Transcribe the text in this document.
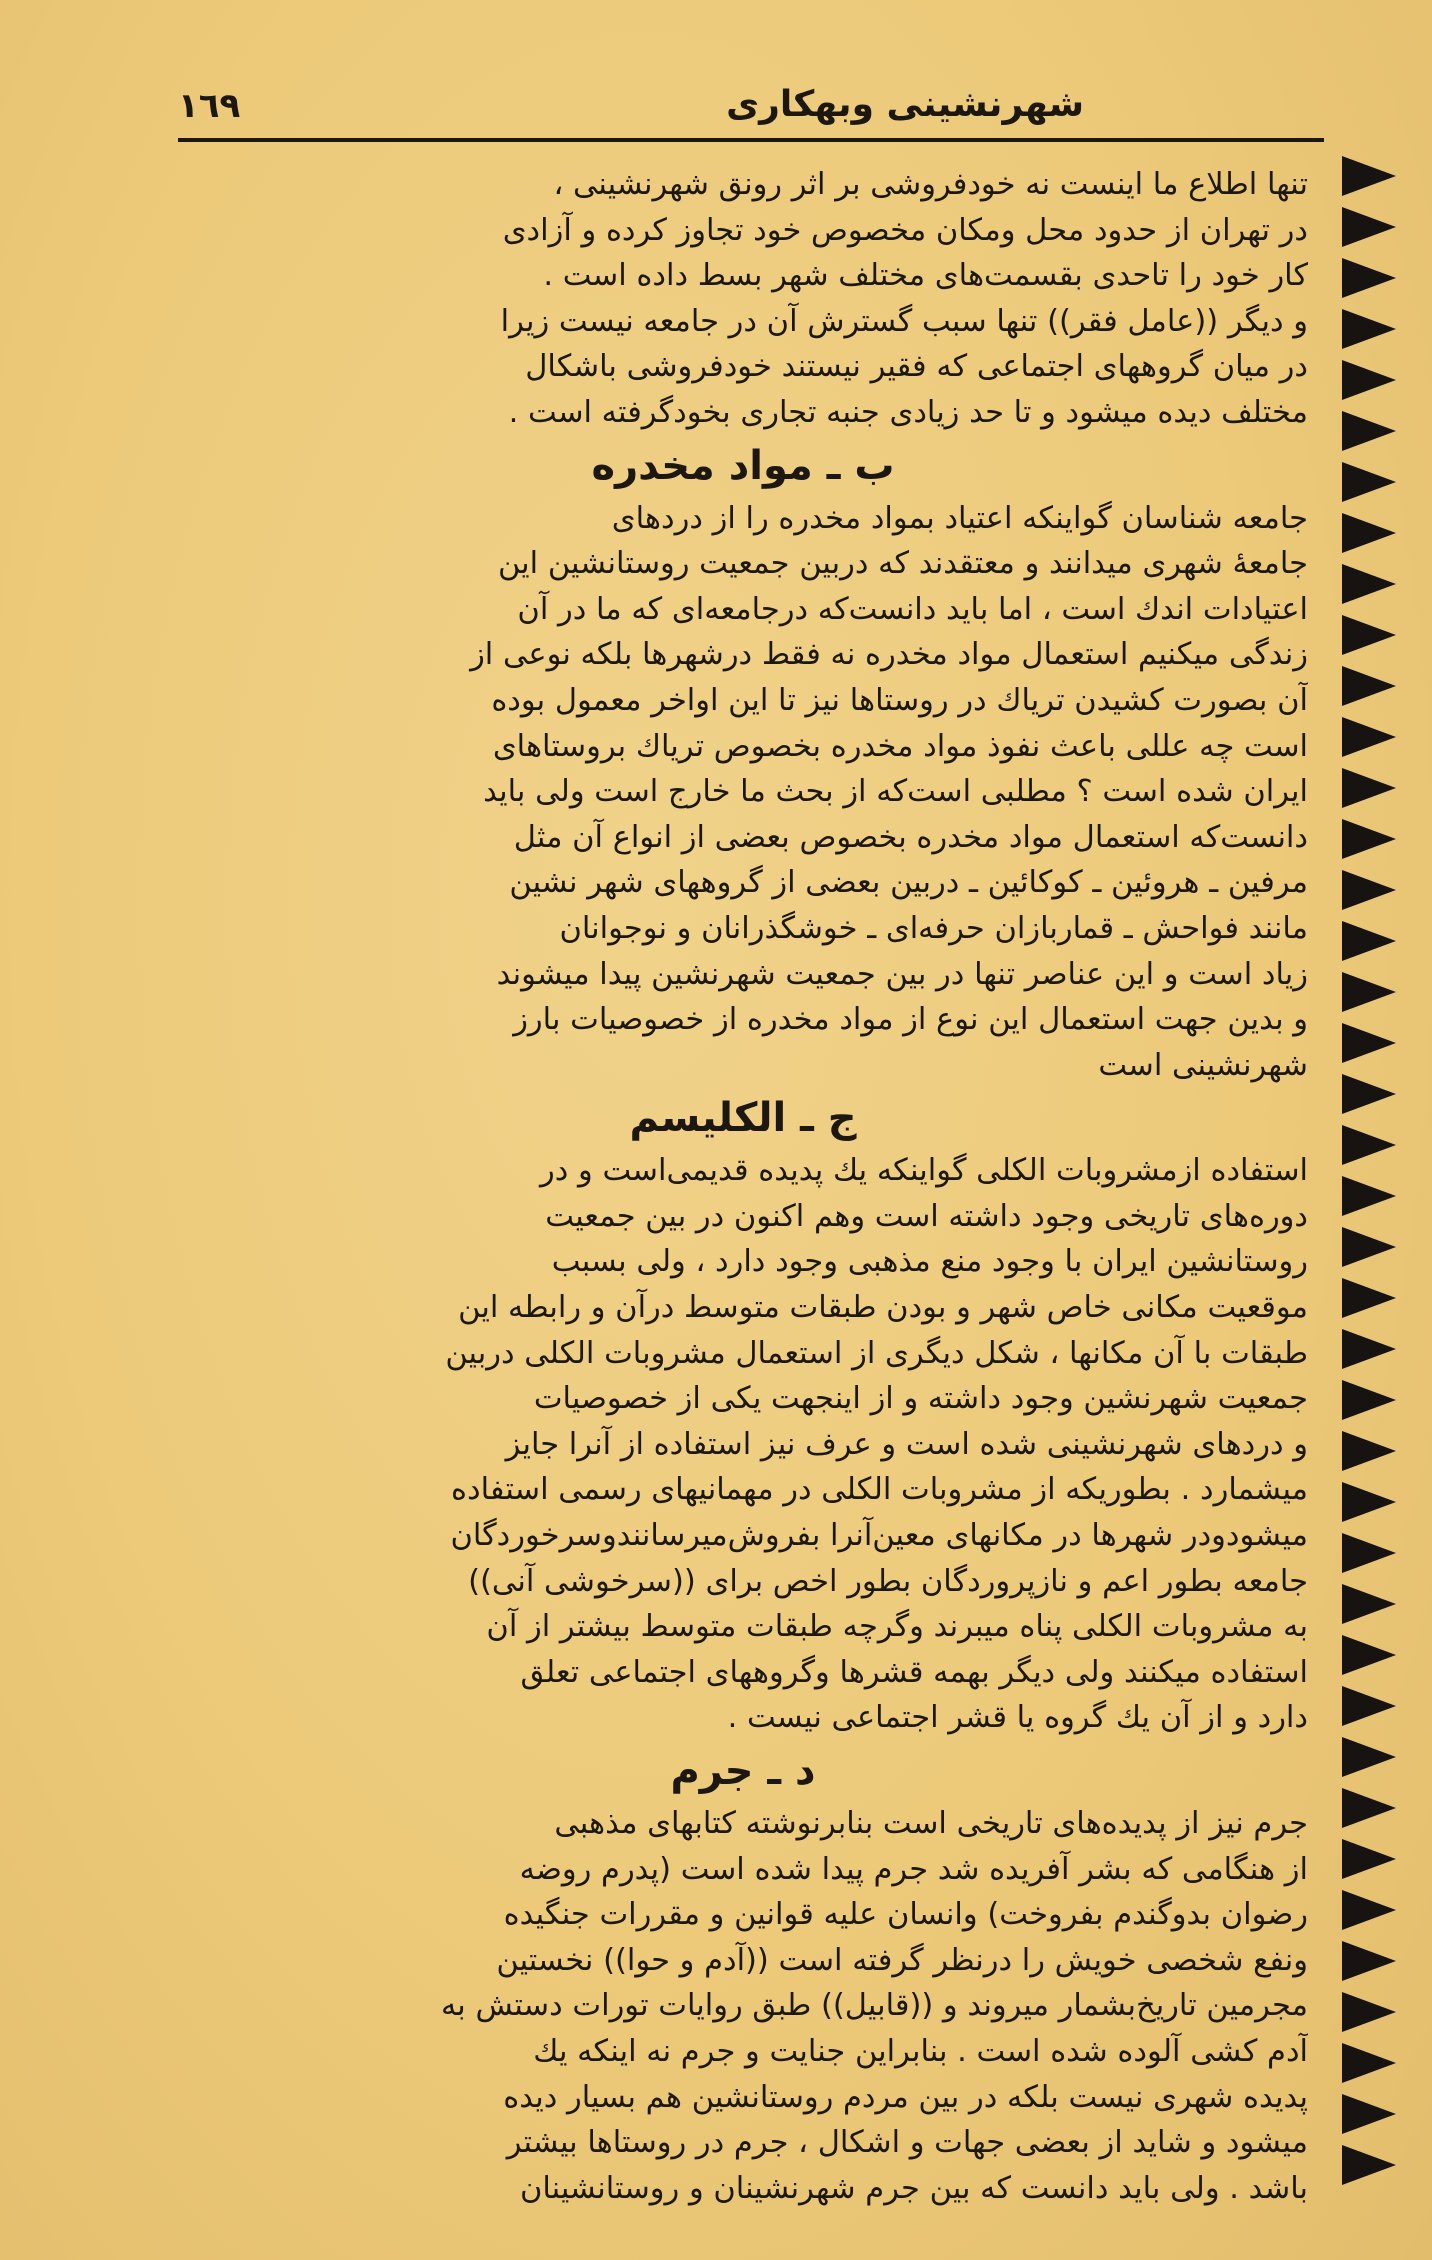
شهرنشینی وبهکاری
١٦٩

تنها اطلاع ما اینست نه خودفروشی بر اثر رونق شهرنشینی ،

در تهران از حدود محل ومکان مخصوص خود تجاوز کرده و آزادی

کار خود را تاحدی بقسمت‌های مختلف شهر بسط داده است .

و دیگر ((عامل فقر)) تنها سبب گسترش آن در جامعه نیست زیرا

در میان گروههای اجتماعی که فقیر نیستند خودفروشی باشکال

مختلف دیده میشود و تا حد زیادی جنبه تجاری بخودگرفته است .

ب ـ مواد مخدره

جامعه شناسان گواینکه اعتیاد بمواد مخدره را از دردهای

جامعهٔ شهری میدانند و معتقدند که دربین جمعیت روستانشین این

اعتیادات اندك است ، اما باید دانست‌که درجامعه‌ای که ما در آن

زندگی میکنیم استعمال مواد مخدره نه فقط درشهرها بلکه نوعی از

آن بصورت کشیدن تریاك در روستاها نیز تا این اواخر معمول بوده

است چه عللی باعث نفوذ مواد مخدره بخصوص تریاك بروستاهای

ایران شده است ؟ مطلبی است‌که از بحث ما خارج است ولی باید

دانست‌که استعمال مواد مخدره بخصوص بعضی از انواع آن مثل

مرفین ـ هروئین ـ کوکائین ـ دربین بعضی از گروههای شهر نشین

مانند فواحش ـ قماربازان حرفه‌ای ـ خوشگذرانان و نوجوانان

زیاد است و این عناصر تنها در بین جمعیت شهرنشین پیدا میشوند

و بدین جهت استعمال این نوع از مواد مخدره از خصوصیات بارز

شهرنشینی است

ج ـ الکلیسم

استفاده ازمشروبات الکلی گواینکه یك پدیده قدیمی‌است و در

دوره‌های تاریخی وجود داشته است وهم اکنون در بین جمعیت

روستانشین ایران با وجود منع مذهبی وجود دارد ، ولی بسبب

موقعیت مکانی خاص شهر و بودن طبقات متوسط درآن و رابطه این

طبقات با آن مکانها ، شکل دیگری از استعمال مشروبات الکلی دربین

جمعیت شهرنشین وجود داشته و از اینجهت یکی از خصوصیات

و دردهای شهرنشینی شده است و عرف نیز استفاده از آنرا جایز

میشمارد . بطوریکه از مشروبات الکلی در مهمانیهای رسمی استفاده

میشودودر شهرها در مکانهای معین‌آنرا بفروش‌میرسانندوسرخوردگان

جامعه بطور اعم و نازپروردگان بطور اخص برای ((سرخوشی آنی))

به مشروبات الکلی پناه میبرند وگرچه طبقات متوسط بیشتر از آن

استفاده میکنند ولی دیگر بهمه قشرها وگروههای اجتماعی تعلق

دارد و از آن یك گروه یا قشر اجتماعی نیست .

د ـ جرم

جرم نیز از پدیده‌های تاریخی است بنابرنوشته کتابهای مذهبی

از هنگامی که بشر آفریده شد جرم پیدا شده است (پدرم روضه

رضوان بدوگندم بفروخت) وانسان علیه قوانین و مقررات جنگیده

ونفع شخصی خویش را درنظر گرفته است ((آدم و حوا)) نخستین

مجرمین تاریخ‌بشمار میروند و ((قابیل)) طبق روایات تورات دستش به

آدم کشی آلوده شده است . بنابراین جنایت و جرم نه اینکه یك

پدیده شهری نیست بلکه در بین مردم روستانشین هم بسیار دیده

میشود و شاید از بعضی جهات و اشکال ، جرم در روستاها بیشتر

باشد . ولی باید دانست که بین جرم شهرنشینان و روستانشینان
